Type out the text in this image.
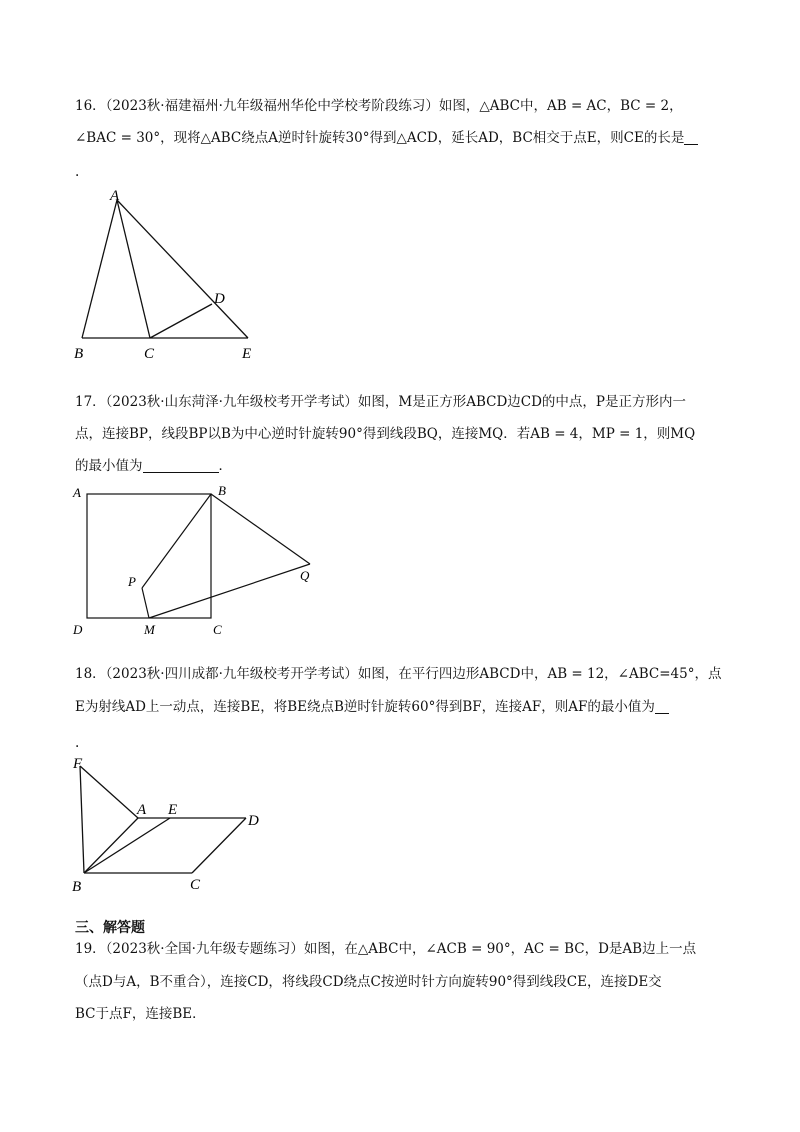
16．（2023秋·福建福州·九年级福州华伦中学校考阶段练习）如图，△ABC中，AB = AC，BC = 2，
∠BAC = 30°，现将△ABC绕点A逆时针旋转30°得到△ACD，延长AD，BC相交于点E，则CE的长是
.
A
B	C
D
E
17．（2023秋·山东菏泽·九年级校考开学考试）如图，M是正方形ABCD边CD的中点，P是正方形内一
点，连接BP，线段BP以B为中心逆时针旋转90°得到线段BQ，连接MQ．若AB = 4，MP = 1，则MQ
的最小值为	．
A	B
P	Q
D	M	C
18．（2023秋·四川成都·九年级校考开学考试）如图，在平行四边形ABCD中，AB = 12，∠ABC=45°，点
E为射线AD上一动点，连接BE，将BE绕点B逆时针旋转60°得到BF，连接AF，则AF的最小值为
.
F
A E
D
B	C
三、解答题
19．（2023秋·全国·九年级专题练习）如图，在△ABC中，∠ACB = 90°，AC = BC，D是AB边上一点
（点D与A，B不重合），连接CD，将线段CD绕点C按逆时针方向旋转90°得到线段CE，连接DE交
BC于点F，连接BE．
